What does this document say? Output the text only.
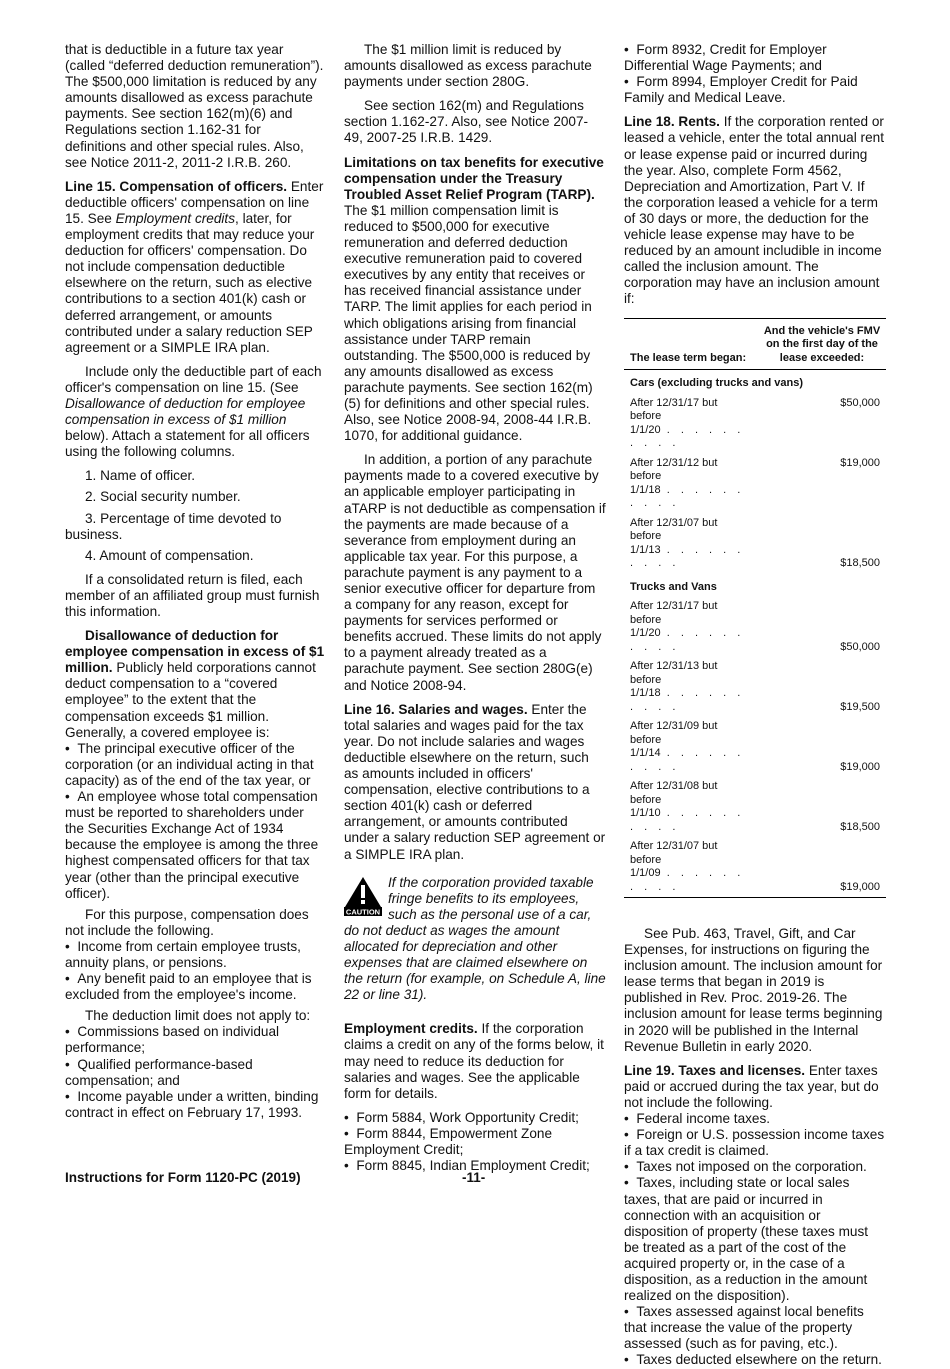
that is deductible in a future tax year (called “deferred deduction remuneration”). The $500,000 limitation is reduced by any amounts disallowed as excess parachute payments. See section 162(m)(6) and Regulations section 1.162-31 for definitions and other special rules. Also, see Notice 2011-2, 2011-2 I.R.B. 260.

Line 15. Compensation of officers. Enter deductible officers' compensation on line 15. See Employment credits, later, for employment credits that may reduce your deduction for officers' compensation. Do not include compensation deductible elsewhere on the return, such as elective contributions to a section 401(k) cash or deferred arrangement, or amounts contributed under a salary reduction SEP agreement or a SIMPLE IRA plan.

Include only the deductible part of each officer's compensation on line 15. (See Disallowance of deduction for employee compensation in excess of $1 million below). Attach a statement for all officers using the following columns.

1. Name of officer.

2. Social security number.

3. Percentage of time devoted to business.

4. Amount of compensation.

If a consolidated return is filed, each member of an affiliated group must furnish this information.

Disallowance of deduction for employee compensation in excess of $1 million. Publicly held corporations cannot deduct compensation to a “covered employee” to the extent that the compensation exceeds $1 million. Generally, a covered employee is:

•  The principal executive officer of the corporation (or an individual acting in that capacity) as of the end of the tax year, or

•  An employee whose total compensation must be reported to shareholders under the Securities Exchange Act of 1934 because the employee is among the three highest compensated officers for that tax year (other than the principal executive officer).

For this purpose, compensation does not include the following.

•  Income from certain employee trusts, annuity plans, or pensions.

•  Any benefit paid to an employee that is excluded from the employee's income.

The deduction limit does not apply to:

•  Commissions based on individual performance;

•  Qualified performance-based compensation; and

•  Income payable under a written, binding contract in effect on February 17, 1993.

The $1 million limit is reduced by amounts disallowed as excess parachute payments under section 280G.

See section 162(m) and Regulations section 1.162-27. Also, see Notice 2007-49, 2007-25 I.R.B. 1429.

Limitations on tax benefits for executive compensation under the Treasury Troubled Asset Relief Program (TARP). The $1 million compensation limit is reduced to $500,000 for executive remuneration and deferred deduction executive remuneration paid to covered executives by any entity that receives or has received financial assistance under TARP. The limit applies for each period in which obligations arising from financial assistance under TARP remain outstanding. The $500,000 is reduced by any amounts disallowed as excess parachute payments. See section 162(m)(5) for definitions and other special rules. Also, see Notice 2008-94, 2008-44 I.R.B. 1070, for additional guidance.

In addition, a portion of any parachute payments made to a covered executive by an applicable employer participating in aTARP is not deductible as compensation if the payments are made because of a severance from employment during an applicable tax year. For this purpose, a parachute payment is any payment to a senior executive officer for departure from a company for any reason, except for payments for services performed or benefits accrued. These limits do not apply to a payment already treated as a parachute payment. See section 280G(e) and Notice 2008-94.

Line 16. Salaries and wages. Enter the total salaries and wages paid for the tax year. Do not include salaries and wages deductible elsewhere on the return, such as amounts included in officers' compensation, elective contributions to a section 401(k) cash or deferred arrangement, or amounts contributed under a salary reduction SEP agreement or a SIMPLE IRA plan.

CAUTION
If the corporation provided taxable fringe benefits to its employees, such as the personal use of a car, do not deduct as wages the amount allocated for depreciation and other expenses that are claimed elsewhere on the return (for example, on Schedule A, line 22 or line 31).

Employment credits. If the corporation claims a credit on any of the forms below, it may need to reduce its deduction for salaries and wages. See the applicable form for details.

•  Form 5884, Work Opportunity Credit;

•  Form 8844, Empowerment Zone Employment Credit;

•  Form 8845, Indian Employment Credit;

•  Form 8932, Credit for Employer Differential Wage Payments; and

•  Form 8994, Employer Credit for Paid Family and Medical Leave.

Line 18. Rents. If the corporation rented or leased a vehicle, enter the total annual rent or lease expense paid or incurred during the year. Also, complete Form 4562, Depreciation and Amortization, Part V. If the corporation leased a vehicle for a term of 30 days or more, the deduction for the vehicle lease expense may have to be reduced by an amount includible in income called the inclusion amount. The corporation may have an inclusion amount if:

The lease term began:	And the vehicle's FMV on the first day of the lease exceeded:
Cars (excluding trucks and vans)	
After 12/31/17 but before
1/1/20 . . . . . . . . . .	$50,000
After 12/31/12 but before
1/1/18 . . . . . . . . . .	$19,000
After 12/31/07 but before
1/1/13 . . . . . . . . . .	$18,500
Trucks and Vans	
After 12/31/17 but before
1/1/20 . . . . . . . . . .	$50,000
After 12/31/13 but before
1/1/18 . . . . . . . . . .	$19,500
After 12/31/09 but before
1/1/14 . . . . . . . . . .	$19,000
After 12/31/08 but before
1/1/10 . . . . . . . . . .	$18,500
After 12/31/07 but before
1/1/09 . . . . . . . . . .	$19,000

See Pub. 463, Travel, Gift, and Car Expenses, for instructions on figuring the inclusion amount. The inclusion amount for lease terms that began in 2019 is published in Rev. Proc. 2019-26. The inclusion amount for lease terms beginning in 2020 will be published in the Internal Revenue Bulletin in early 2020.

Line 19. Taxes and licenses. Enter taxes paid or accrued during the tax year, but do not include the following.

•  Federal income taxes.

•  Foreign or U.S. possession income taxes if a tax credit is claimed.

•  Taxes not imposed on the corporation.

•  Taxes, including state or local sales taxes, that are paid or incurred in connection with an acquisition or disposition of property (these taxes must be treated as a part of the cost of the acquired property or, in the case of a disposition, as a reduction in the amount realized on the disposition).

•  Taxes assessed against local benefits that increase the value of the property assessed (such as for paving, etc.).

•  Taxes deducted elsewhere on the return.

Instructions for Form 1120-PC (2019)	-11-
